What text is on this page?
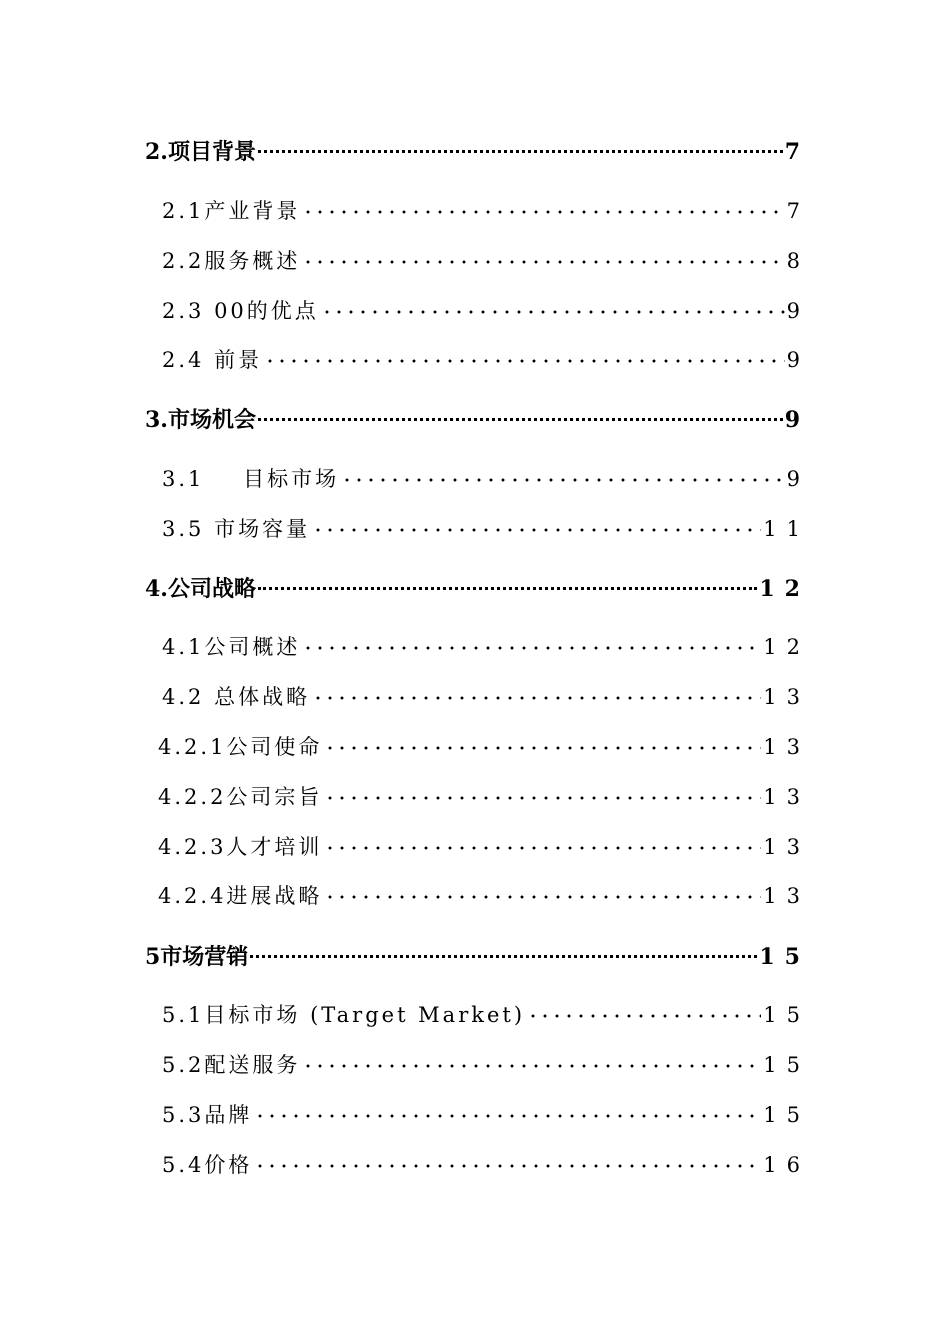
2.项目背景	7
2.1产业背景	7
2.2服务概述	8
2.3 00的优点	9
2.4 前景	9
3.市场机会	9
3.1    目标市场	9
3.5 市场容量	11
4.公司战略	12
4.1公司概述	12
4.2 总体战略	13
4.2.1公司使命	13
4.2.2公司宗旨	13
4.2.3人才培训	13
4.2.4进展战略	13
5市场营销	15
5.1目标市场 (Target Market)	15
5.2配送服务	15
5.3品牌	15
5.4价格	16
